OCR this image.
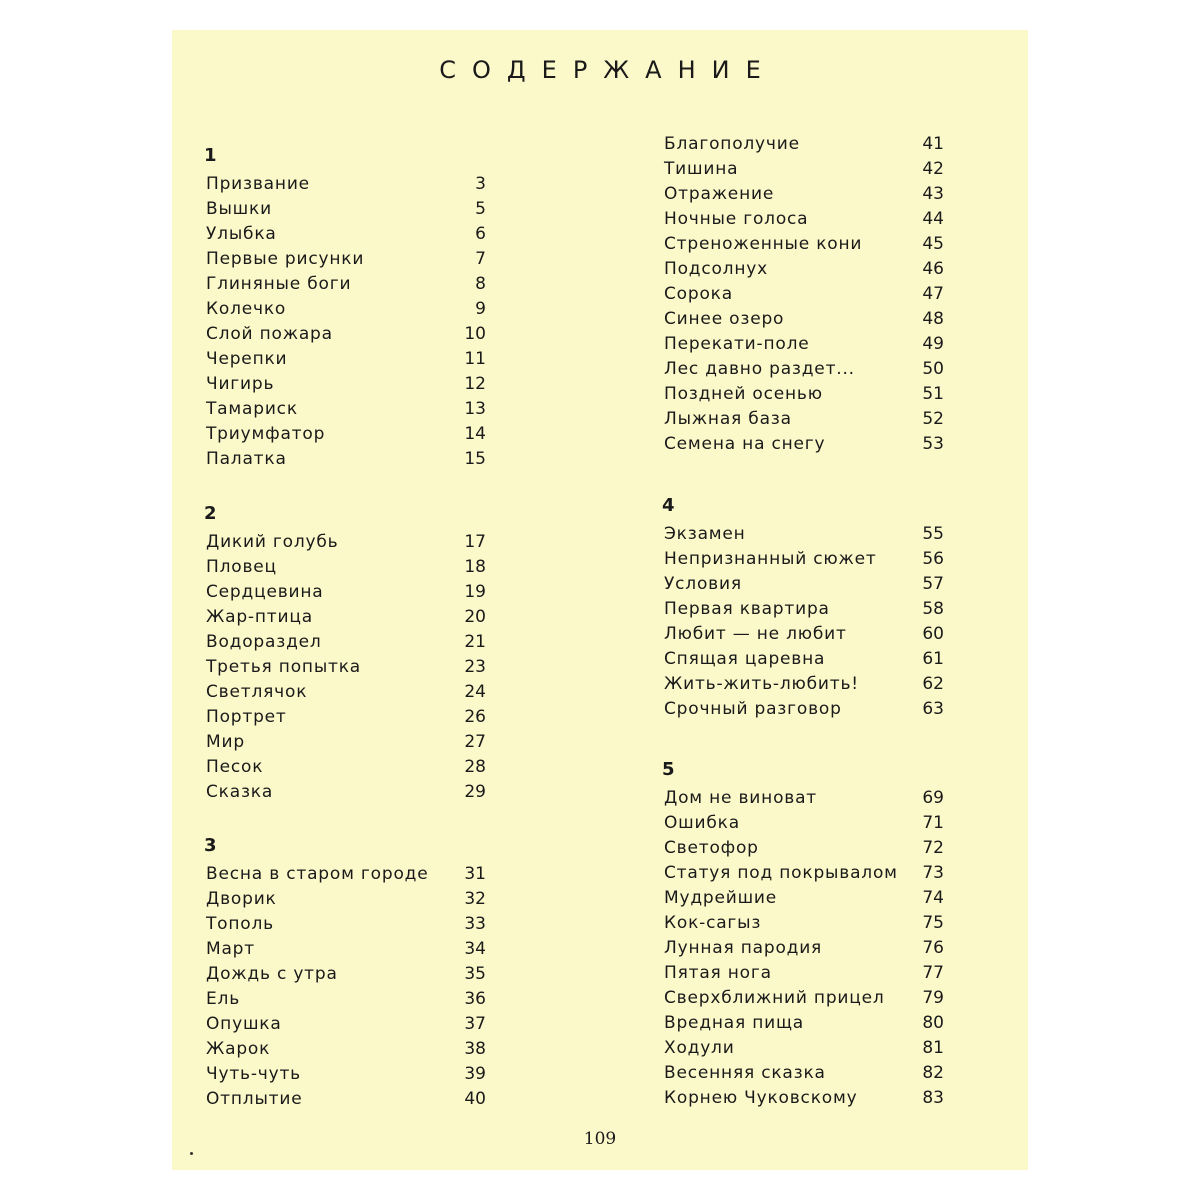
СОДЕРЖАНИЕ
1
Призвание	3
Вышки	5
Улыбка	6
Первые рисунки	7
Глиняные боги	8
Колечко	9
Слой пожара	10
Черепки	11
Чигирь	12
Тамариск	13
Триумфатор	14
Палатка	15
2
Дикий голубь	17
Пловец	18
Сердцевина	19
Жар-птица	20
Водораздел	21
Третья попытка	23
Светлячок	24
Портрет	26
Мир	27
Песок	28
Сказка	29
3
Весна в старом городе 31
Дворик	32
Тополь	33
Март	34
Дождь с утра	35
Ель	36
Опушка	37
Жарок	38
Чуть-чуть	39
Отплытие	40
Благополучие	41
Тишина	42
Отражение	43
Ночные голоса	44
Стреноженные кони	45
Подсолнух	46
Сорока	47
Синее озеро	48
Перекати-поле	49
Лес давно раздет...	50
Поздней осенью	51
Лыжная база	52
Семена на снегу	53
4
Экзамен	55
Непризнанный сюжет	56
Условия	57
Первая квартира	58
Любит — не любит	60
Спящая царевна	61
Жить-жить-любить!	62
Срочный разговор	63
5
Дом не виноват	69
Ошибка	71
Светофор	72
Статуя под покрывалом 73
Мудрейшие	74
Кок-сагыз	75
Лунная пародия	76
Пятая нога	77
Сверхближний прицел 79
Вредная пища	80
Ходули	81
Весенняя сказка	82
Корнею Чуковскому	83
109
